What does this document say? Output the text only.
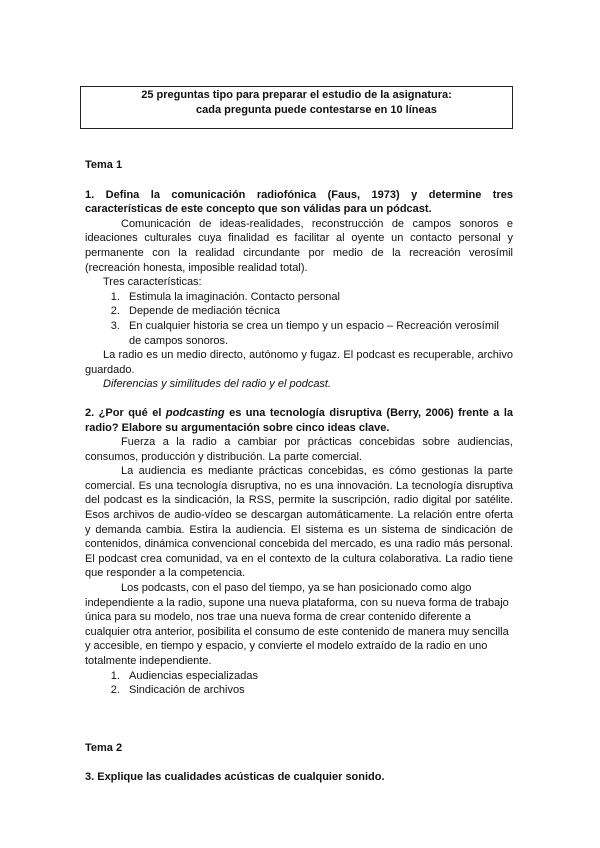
25 preguntas tipo para preparar el estudio de la asignatura:
cada pregunta puede contestarse en 10 líneas
Tema 1
1. Defina la comunicación radiofónica (Faus, 1973) y determine tres características de este concepto que son válidas para un pódcast.
Comunicación de ideas-realidades, reconstrucción de campos sonoros e ideaciones culturales cuya finalidad es facilitar al oyente un contacto personal y permanente con la realidad circundante por medio de la recreación verosímil (recreación honesta, imposible realidad total).
Tres características:
1. Estimula la imaginación. Contacto personal
2. Depende de mediación técnica
3. En cualquier historia se crea un tiempo y un espacio – Recreación verosímil de campos sonoros.
La radio es un medio directo, autónomo y fugaz. El podcast es recuperable, archivo guardado.
Diferencias y similitudes del radio y el podcast.
2. ¿Por qué el podcasting es una tecnología disruptiva (Berry, 2006) frente a la radio? Elabore su argumentación sobre cinco ideas clave.
Fuerza a la radio a cambiar por prácticas concebidas sobre audiencias, consumos, producción y distribución. La parte comercial.
La audiencia es mediante prácticas concebidas, es cómo gestionas la parte comercial. Es una tecnología disruptiva, no es una innovación. La tecnología disruptiva del podcast es la sindicación, la RSS, permite la suscripción, radio digital por satélite. Esos archivos de audio-vídeo se descargan automáticamente. La relación entre oferta y demanda cambia. Estira la audiencia. El sistema es un sistema de sindicación de contenidos, dinámica convencional concebida del mercado, es una radio más personal. El podcast crea comunidad, va en el contexto de la cultura colaborativa. La radio tiene que responder a la competencia.
Los podcasts, con el paso del tiempo, ya se han posicionado como algo independiente a la radio, supone una nueva plataforma, con su nueva forma de trabajo única para su modelo, nos trae una nueva forma de crear contenido diferente a cualquier otra anterior, posibilita el consumo de este contenido de manera muy sencilla y accesible, en tiempo y espacio, y convierte el modelo extraído de la radio en uno totalmente independiente.
1. Audiencias especializadas
2. Sindicación de archivos
Tema 2
3. Explique las cualidades acústicas de cualquier sonido.
